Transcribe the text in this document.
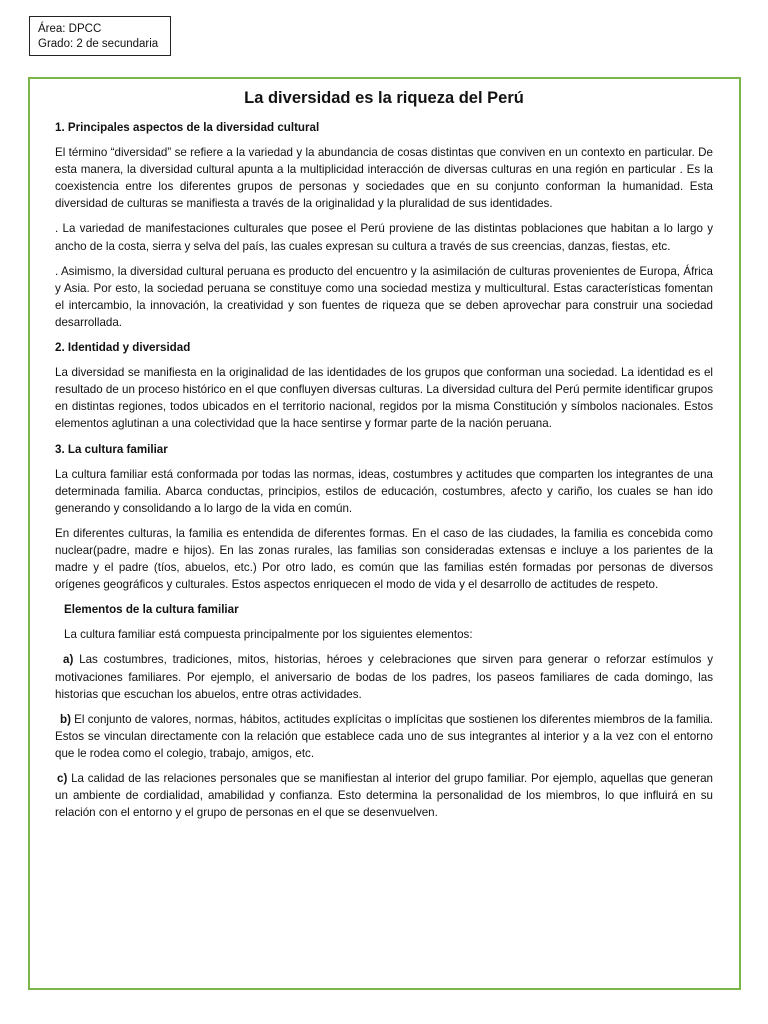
Área: DPCC
Grado: 2 de secundaria
La diversidad es la riqueza del Perú
1. Principales aspectos de la diversidad cultural

El término “diversidad” se refiere a la variedad y la abundancia de cosas distintas que conviven en un contexto en particular. De esta manera, la diversidad cultural apunta a la multiplicidad interacción de diversas culturas en una región en particular . Es la coexistencia entre los diferentes grupos de personas y sociedades que en su conjunto conforman la humanidad. Esta diversidad de culturas se manifiesta a través de la originalidad y la pluralidad de sus identidades.

. La variedad de manifestaciones culturales que posee el Perú proviene de las distintas poblaciones que habitan a lo largo y ancho de la costa, sierra y selva del país, las cuales expresan su cultura a través de sus creencias, danzas, fiestas, etc.

. Asimismo, la diversidad cultural peruana es producto del encuentro y la asimilación de culturas provenientes de Europa, África y Asia. Por esto, la sociedad peruana se constituye como una sociedad mestiza y multicultural. Estas características fomentan el intercambio, la innovación, la creatividad y son fuentes de riqueza que se deben aprovechar para construir una sociedad desarrollada.

2. Identidad y diversidad

La diversidad se manifiesta en la originalidad de las identidades de los grupos que conforman una sociedad. La identidad es el resultado de un proceso histórico en el que confluyen diversas culturas. La diversidad cultura del Perú permite identificar grupos en distintas regiones, todos ubicados en el territorio nacional, regidos por la misma Constitución y símbolos nacionales. Estos elementos aglutinan a una colectividad que la hace sentirse y formar parte de la nación peruana.

3. La cultura familiar

La cultura familiar está conformada por todas las normas, ideas, costumbres y actitudes que comparten los integrantes de una determinada familia. Abarca conductas, principios, estilos de educación, costumbres, afecto y cariño, los cuales se han ido generando y consolidando a lo largo de la vida en común.

En diferentes culturas, la familia es entendida de diferentes formas. En el caso de las ciudades, la familia es concebida como nuclear(padre, madre e hijos). En las zonas rurales, las familias son consideradas extensas e incluye a los parientes de la madre y el padre (tíos, abuelos, etc.) Por otro lado, es común que las familias estén formadas por personas de diversos orígenes geográficos y culturales. Estos aspectos enriquecen el modo de vida y el desarrollo de actitudes de respeto.

Elementos de la cultura familiar

La cultura familiar está compuesta principalmente por los siguientes elementos:

a) Las costumbres, tradiciones, mitos, historias, héroes y celebraciones que sirven para generar o reforzar estímulos y motivaciones familiares. Por ejemplo, el aniversario de bodas de los padres, los paseos familiares de cada domingo, las historias que escuchan los abuelos, entre otras actividades.

b) El conjunto de valores, normas, hábitos, actitudes explícitas o implícitas que sostienen los diferentes miembros de la familia. Estos se vinculan directamente con la relación que establece cada uno de sus integrantes al interior y a la vez con el entorno que le rodea como el colegio, trabajo, amigos, etc.

c) La calidad de las relaciones personales que se manifiestan al interior del grupo familiar. Por ejemplo, aquellas que generan un ambiente de cordialidad, amabilidad y confianza. Esto determina la personalidad de los miembros, lo que influirá en su relación con el entorno y el grupo de personas en el que se desenvuelven.
